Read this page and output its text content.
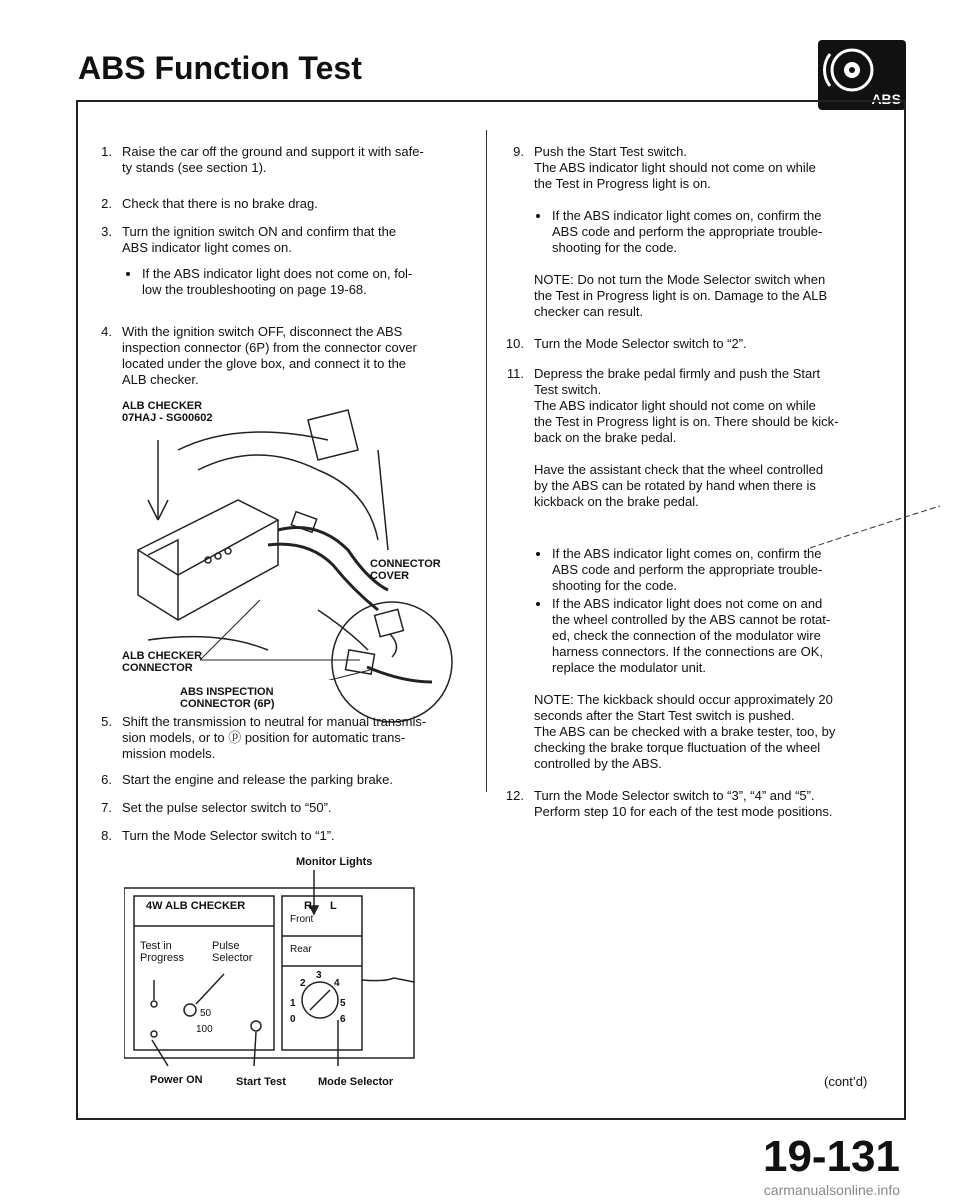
ABS Function Test
ABS
1. Raise the car off the ground and support it with safe-
ty stands (see section 1).
2. Check that there is no brake drag.
3. Turn the ignition switch ON and confirm that the
ABS indicator light comes on.
If the ABS indicator light does not come on, fol-
low the troubleshooting on page 19-68.
4. With the ignition switch OFF, disconnect the ABS
inspection connector (6P) from the connector cover
located under the glove box, and connect it to the
ALB checker.
ALB CHECKER
07HAJ - SG00602
CONNECTOR
COVER
ALB CHECKER
CONNECTOR
ABS INSPECTION
CONNECTOR (6P)
5. Shift the transmission to neutral for manual transmis-
sion models, or to ⓟ position for automatic trans-
mission models.
6. Start the engine and release the parking brake.
7. Set the pulse selector switch to “50”.
8. Turn the Mode Selector switch to “1”.
Monitor Lights
4W ALB CHECKER
Test in
Progress
Pulse
Selector
50
100
R L
Front
Rear
2
3
4
1	5
0	6
Power ON	Start Test	Mode Selector
9. Push the Start Test switch.
The ABS indicator light should not come on while
the Test in Progress light is on.
If the ABS indicator light comes on, confirm the
ABS code and perform the appropriate trouble-
shooting for the code.
NOTE: Do not turn the Mode Selector switch when
the Test in Progress light is on. Damage to the ALB
checker can result.
10. Turn the Mode Selector switch to “2”.
11. Depress the brake pedal firmly and push the Start
Test switch.
The ABS indicator light should not come on while
the Test in Progress light is on. There should be kick-
back on the brake pedal.
Have the assistant check that the wheel controlled
by the ABS can be rotated by hand when there is
kickback on the brake pedal.
If the ABS indicator light comes on, confirm the
ABS code and perform the appropriate trouble-
shooting for the code.
If the ABS indicator light does not come on and
the wheel controlled by the ABS cannot be rotat-
ed, check the connection of the modulator wire
harness connectors. If the connections are OK,
replace the modulator unit.
NOTE: The kickback should occur approximately 20
seconds after the Start Test switch is pushed.
The ABS can be checked with a brake tester, too, by
checking the brake torque fluctuation of the wheel
controlled by the ABS.
12. Turn the Mode Selector switch to “3”, “4” and “5”.
Perform step 10 for each of the test mode positions.
(cont’d)
19-131
carmanualsonline.info
